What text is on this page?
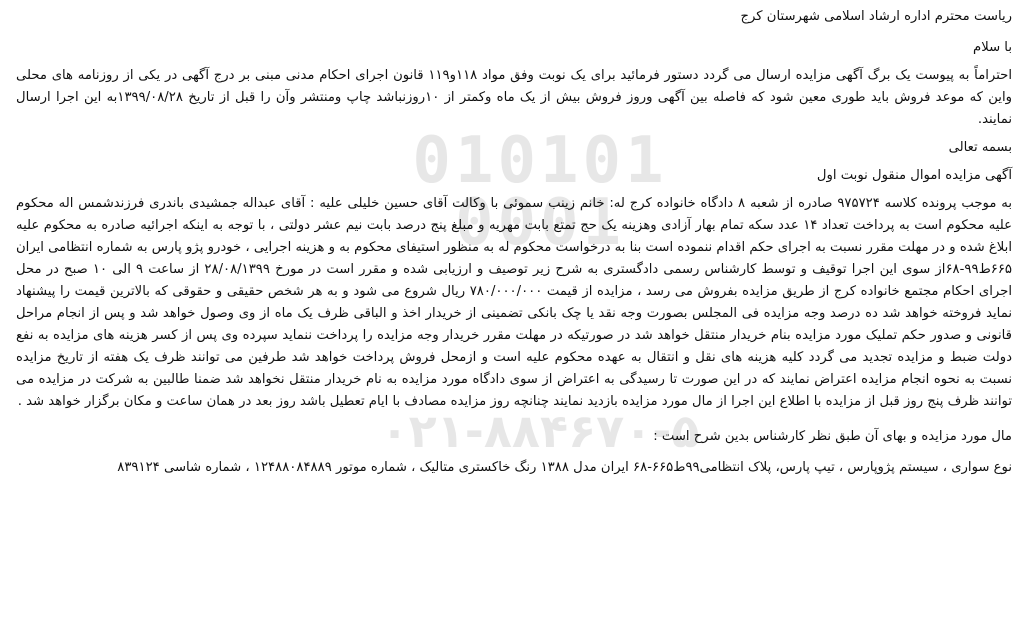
010101
0001
۰۲۱-۸۸۴۶۷۰-۵

ریاست محترم اداره ارشاد اسلامی شهرستان کرج

با سلام

احتراماً به پیوست یک برگ آگهی مزایده ارسال می گردد دستور فرمائید برای یک نوبت وفق مواد ۱۱۸و۱۱۹ قانون اجرای احکام مدنی مبنی بر درج آگهی در یکی از روزنامه های محلی واین که موعد فروش باید طوری معین شود که فاصله بین آگهی وروز فروش بیش از یک ماه وکمتر از ۱۰روزنباشد چاپ ومنتشر وآن را قبل از تاریخ ۱۳۹۹/۰۸/۲۸به این اجرا ارسال نمایند.

بسمه تعالی

آگهی مزایده اموال منقول نوبت اول

به موجب پرونده کلاسه ۹۷۵۷۲۴ صادره از شعبه ۸ دادگاه خانواده کرج له: خانم زینب سموئی با وکالت آقای حسین خلیلی علیه : آقای عبداله جمشیدی باندری فرزندشمس اله محکوم علیه محکوم است به پرداخت تعداد ۱۴ عدد سکه تمام بهار آزادی وهزینه یک حج تمتع بابت مهریه و مبلغ پنج درصد بابت نیم عشر دولتی ، با توجه به اینکه اجرائیه صادره به محکوم علیه ابلاغ شده و در مهلت مقرر نسبت به اجرای حکم اقدام ننموده است بنا به درخواست محکوم له به منظور استیفای محکوم به و هزینه اجرایی ، خودرو پژو پارس به شماره انتظامی ایران ۶۶۵ط۹۹-۶۸از سوی این اجرا توقیف و توسط کارشناس رسمی دادگستری به شرح زیر توصیف و ارزیابی شده و مقرر است در مورخ ۲۸/۰۸/۱۳۹۹ از ساعت ۹ الی ۱۰ صبح در محل اجرای احکام مجتمع خانواده کرج از طریق مزایده بفروش می رسد ، مزایده از قیمت ۷۸۰/۰۰۰/۰۰۰ ریال شروع می شود و به هر شخص حقیقی و حقوقی که بالاترین قیمت را پیشنهاد نماید فروخته خواهد شد ده درصد وجه مزایده فی المجلس بصورت وجه نقد یا چک بانکی تضمینی از خریدار اخذ و الباقی ظرف یک ماه از وی وصول خواهد شد و پس از انجام مراحل قانونی و صدور حکم تملیک مورد مزایده بنام خریدار منتقل خواهد شد در صورتیکه در مهلت مقرر خریدار وجه مزایده را پرداخت ننماید سپرده وی پس از کسر هزینه های مزایده به نفع دولت ضبط و مزایده تجدید می گردد کلیه هزینه های نقل و انتقال به عهده محکوم علیه است و ازمحل فروش پرداخت خواهد شد طرفین می توانند ظرف یک هفته از تاریخ مزایده نسبت به نحوه انجام مزایده اعتراض نمایند که در این صورت تا رسیدگی به اعتراض از سوی دادگاه مورد مزایده به نام خریدار منتقل نخواهد شد ضمنا طالبین به شرکت در مزایده می توانند ظرف پنج روز قبل از مزایده با اطلاع این اجرا از مال مورد مزایده بازدید نمایند چنانچه روز مزایده مصادف با ایام تعطیل باشد روز بعد در همان ساعت و مکان برگزار خواهد شد .

مال مورد مزایده و بهای آن طبق نظر کارشناس بدین شرح است :

نوع سواری ، سیستم پژوپارس ، تیپ پارس، پلاک انتظامی۹۹ط۶۶۵-۶۸ ایران مدل ۱۳۸۸ رنگ خاکستری متالیک ، شماره موتور ۱۲۴۸۸۰۸۴۸۸۹ ، شماره شاسی ۸۳۹۱۲۴
